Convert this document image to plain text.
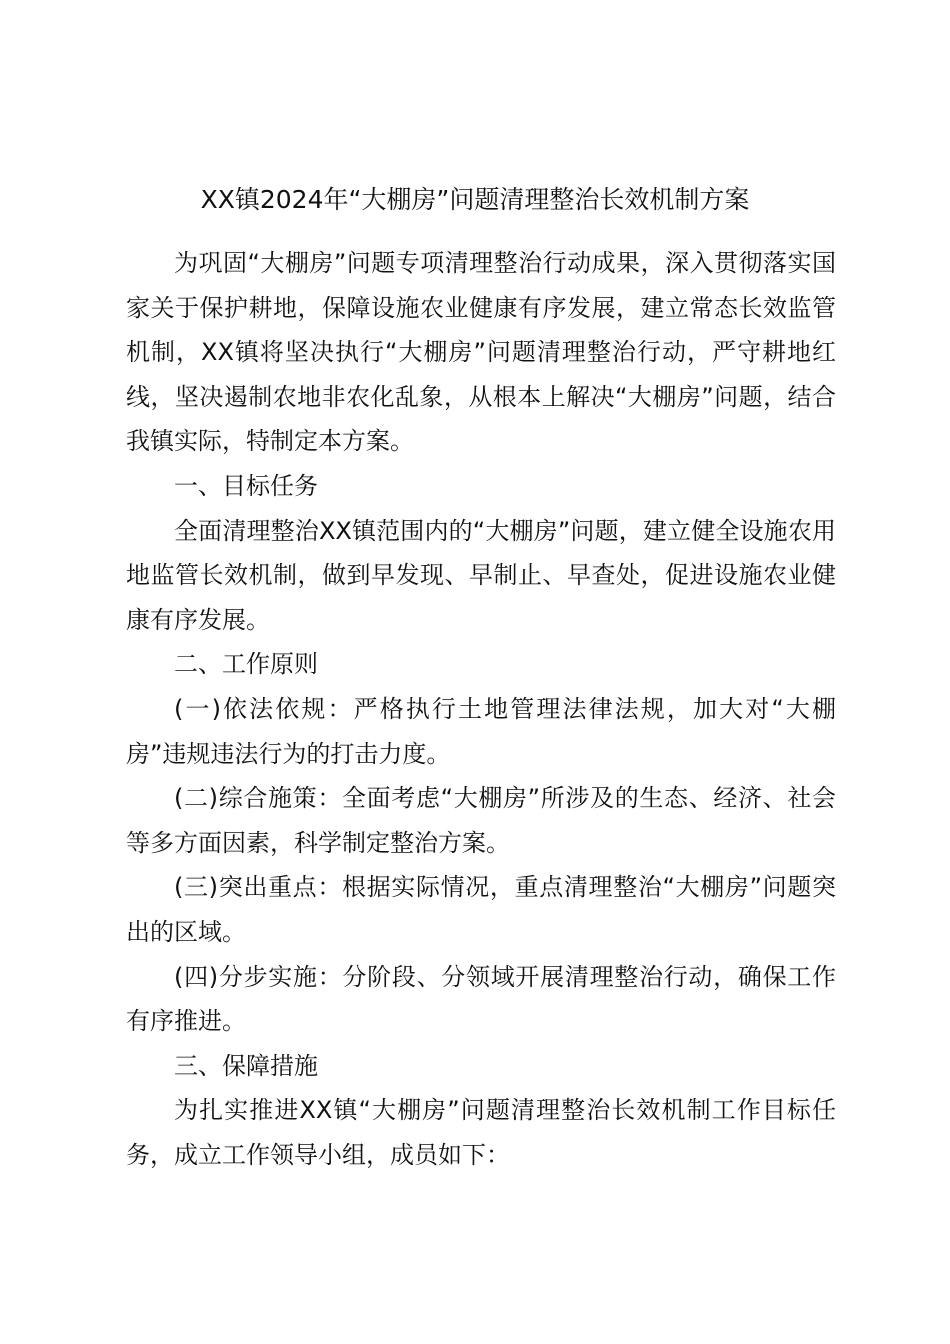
XX镇2024年“大棚房”问题清理整治长效机制方案

为巩固“大棚房”问题专项清理整治行动成果，深入贯彻落实国家关于保护耕地，保障设施农业健康有序发展，建立常态长效监管机制，XX镇将坚决执行“大棚房”问题清理整治行动，严守耕地红线，坚决遏制农地非农化乱象，从根本上解决“大棚房”问题，结合我镇实际，特制定本方案。

一、目标任务

全面清理整治XX镇范围内的“大棚房”问题，建立健全设施农用地监管长效机制，做到早发现、早制止、早查处，促进设施农业健康有序发展。

二、工作原则

(一)依法依规：严格执行土地管理法律法规，加大对“大棚房”违规违法行为的打击力度。

(二)综合施策：全面考虑“大棚房”所涉及的生态、经济、社会等多方面因素，科学制定整治方案。

(三)突出重点：根据实际情况，重点清理整治“大棚房”问题突出的区域。

(四)分步实施：分阶段、分领域开展清理整治行动，确保工作有序推进。

三、保障措施

为扎实推进XX镇“大棚房”问题清理整治长效机制工作目标任务，成立工作领导小组，成员如下：
